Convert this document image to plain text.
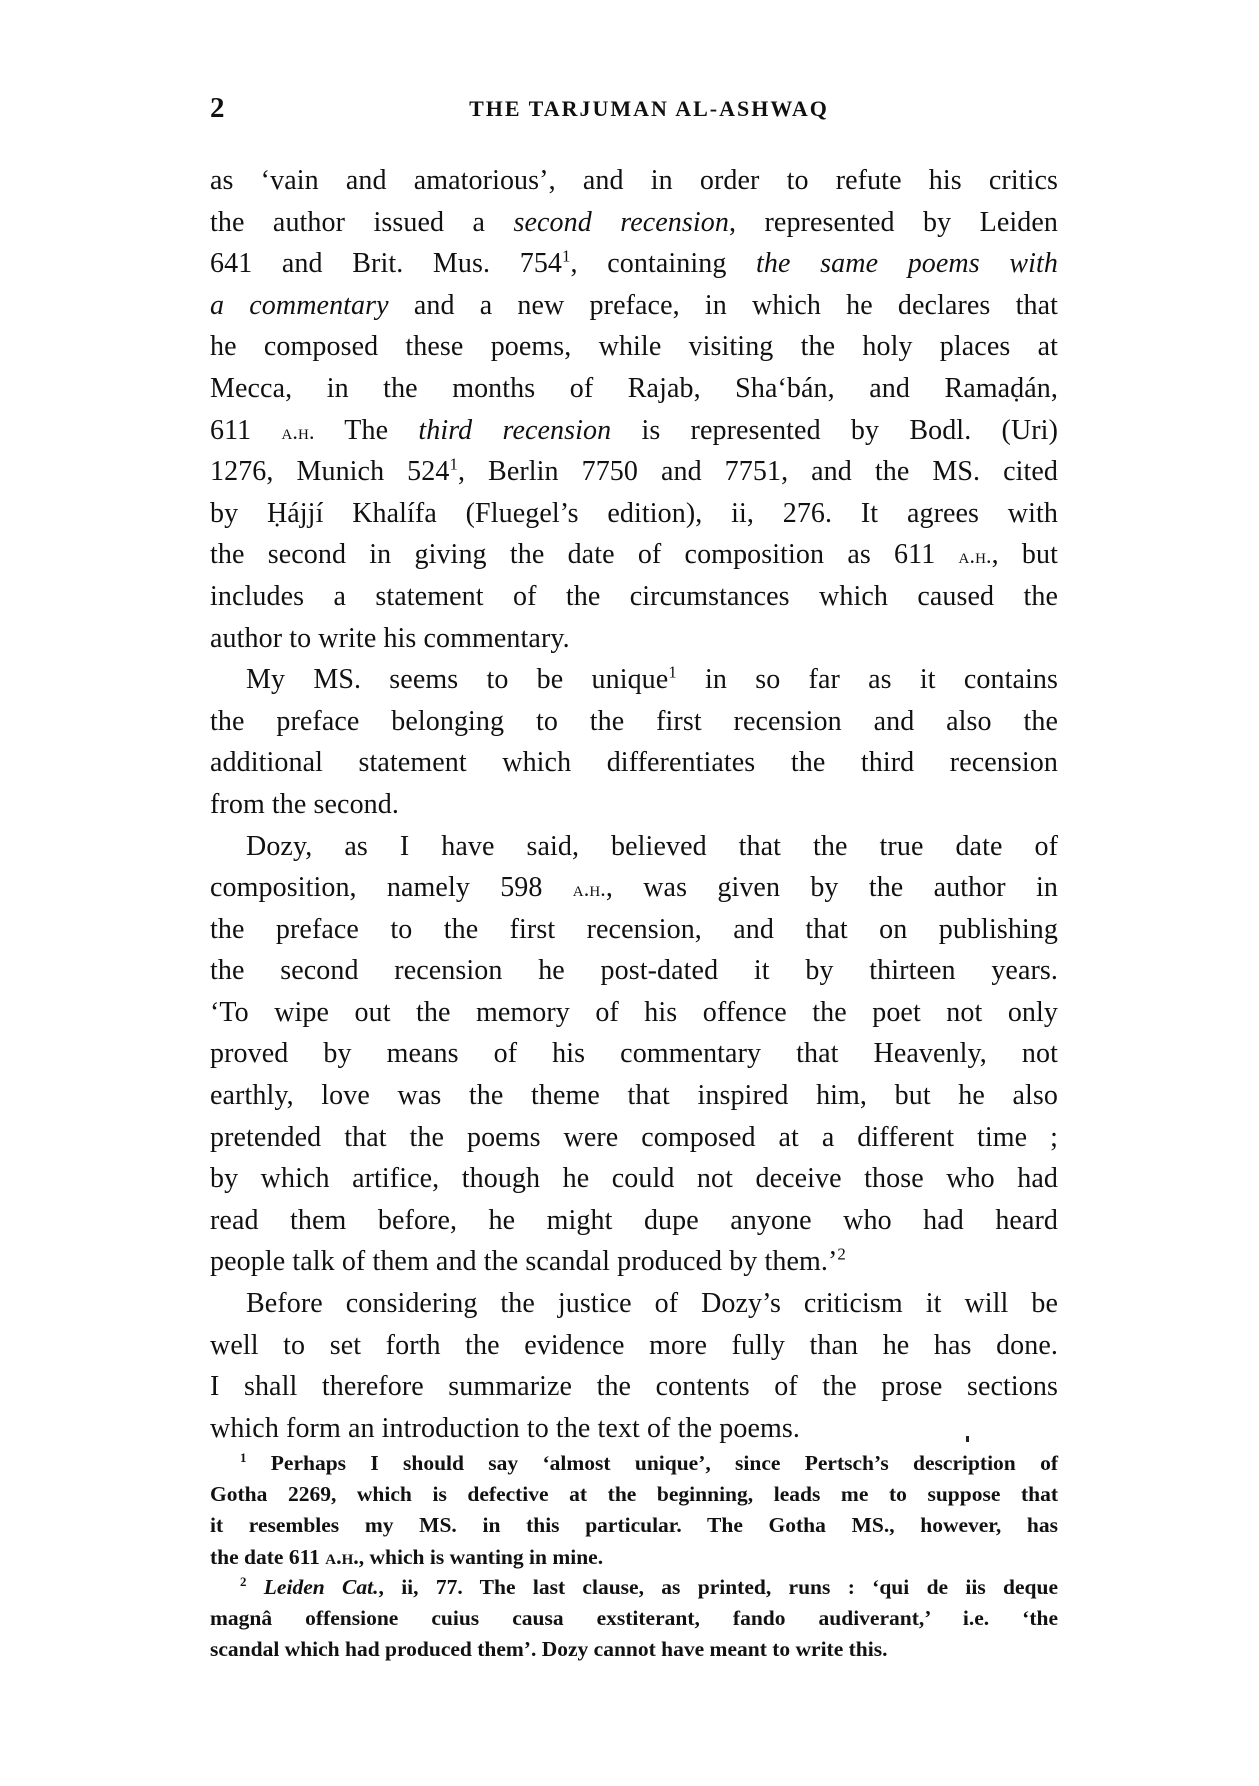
2	THE TARJUMAN AL-ASHWAQ
as ‘vain and amatorious’, and in order to refute his critics
the author issued a second recension, represented by Leiden
641 and Brit. Mus. $754^1$, containing the same poems with
a commentary and a new preface, in which he declares that
he composed these poems, while visiting the holy places at
Mecca, in the months of Rajab, Sha‘bán, and Ramaḍán,
611 a.h. The third recension is represented by Bodl. (Uri)
1276, Munich $524^1$, Berlin 7750 and 7751, and the MS. cited
by Ḥájjí Khalífa (Fluegel’s edition), ii, 276. It agrees with
the second in giving the date of composition as 611 a.h., but
includes a statement of the circumstances which caused the
author to write his commentary.
My MS. seems to be unique$^1$ in so far as it contains
the preface belonging to the first recension and also the
additional statement which differentiates the third recension
from the second.
Dozy, as I have said, believed that the true date of
composition, namely 598 a.h., was given by the author in
the preface to the first recension, and that on publishing
the second recension he post-dated it by thirteen years.
‘To wipe out the memory of his offence the poet not only
proved by means of his commentary that Heavenly, not
earthly, love was the theme that inspired him, but he also
pretended that the poems were composed at a different time ;
by which artifice, though he could not deceive those who had
read them before, he might dupe anyone who had heard
people talk of them and the scandal produced by them.’$^2$
Before considering the justice of Dozy’s criticism it will be
well to set forth the evidence more fully than he has done.
I shall therefore summarize the contents of the prose sections
which form an introduction to the text of the poems.
$^1$ Perhaps I should say ‘almost unique’, since Pertsch’s description of
Gotha 2269, which is defective at the beginning, leads me to suppose that
it resembles my MS. in this particular. The Gotha MS., however, has
the date 611 a.h., which is wanting in mine.
$^2$ Leiden Cat., ii, 77. The last clause, as printed, runs : ‘qui de iis deque
magnâ offensione cuius causa exstiterant, fando audiverant,’ i.e. ‘the
scandal which had produced them’. Dozy cannot have meant to write this.
